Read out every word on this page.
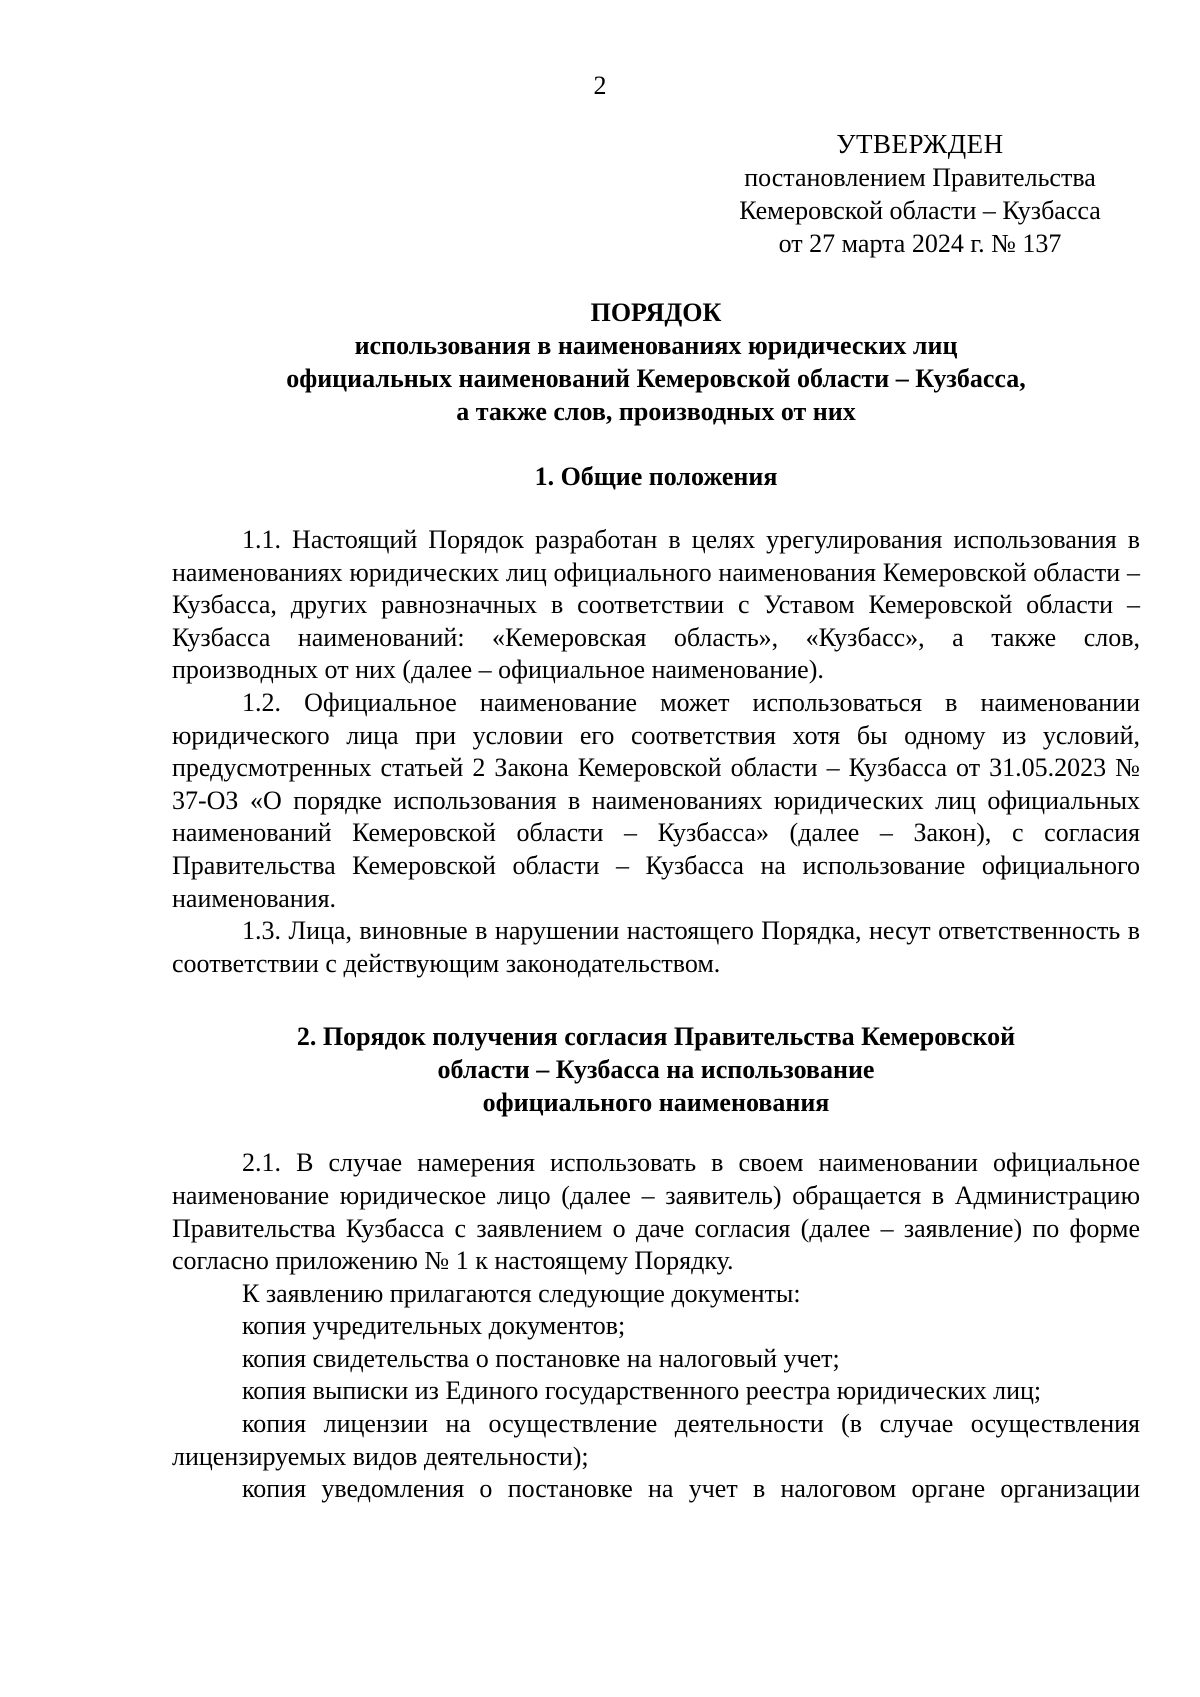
2
УТВЕРЖДЕН
постановлением Правительства
Кемеровской области – Кузбасса
от 27 марта 2024 г. № 137
ПОРЯДОК
использования в наименованиях юридических лиц
официальных наименований Кемеровской области – Кузбасса,
а также слов, производных от них
1. Общие положения

1.1. Настоящий Порядок разработан в целях урегулирования использования в наименованиях юридических лиц официального наименования Кемеровской области – Кузбасса, других равнозначных в соответствии с Уставом Кемеровской области – Кузбасса наименований: «Кемеровская область», «Кузбасс», а также слов, производных от них (далее – официальное наименование).

1.2. Официальное наименование может использоваться в наименовании юридического лица при условии его соответствия хотя бы одному из условий, предусмотренных статьей 2 Закона Кемеровской области – Кузбасса от 31.05.2023 № 37-ОЗ «О порядке использования в наименованиях юридических лиц официальных наименований Кемеровской области – Кузбасса» (далее – Закон), с согласия Правительства Кемеровской области – Кузбасса на использование официального наименования.

1.3. Лица, виновные в нарушении настоящего Порядка, несут ответственность в соответствии с действующим законодательством.

2. Порядок получения согласия Правительства Кемеровской
области – Кузбасса на использование
официального наименования

2.1. В случае намерения использовать в своем наименовании официальное наименование юридическое лицо (далее – заявитель) обращается в Администрацию Правительства Кузбасса с заявлением о даче согласия (далее – заявление) по форме согласно приложению № 1 к настоящему Порядку.

К заявлению прилагаются следующие документы:

копия учредительных документов;

копия свидетельства о постановке на налоговый учет;

копия выписки из Единого государственного реестра юридических лиц;

копия лицензии на осуществление деятельности (в случае осуществления лицензируемых видов деятельности);

копия уведомления о постановке на учет в налоговом органе организации
